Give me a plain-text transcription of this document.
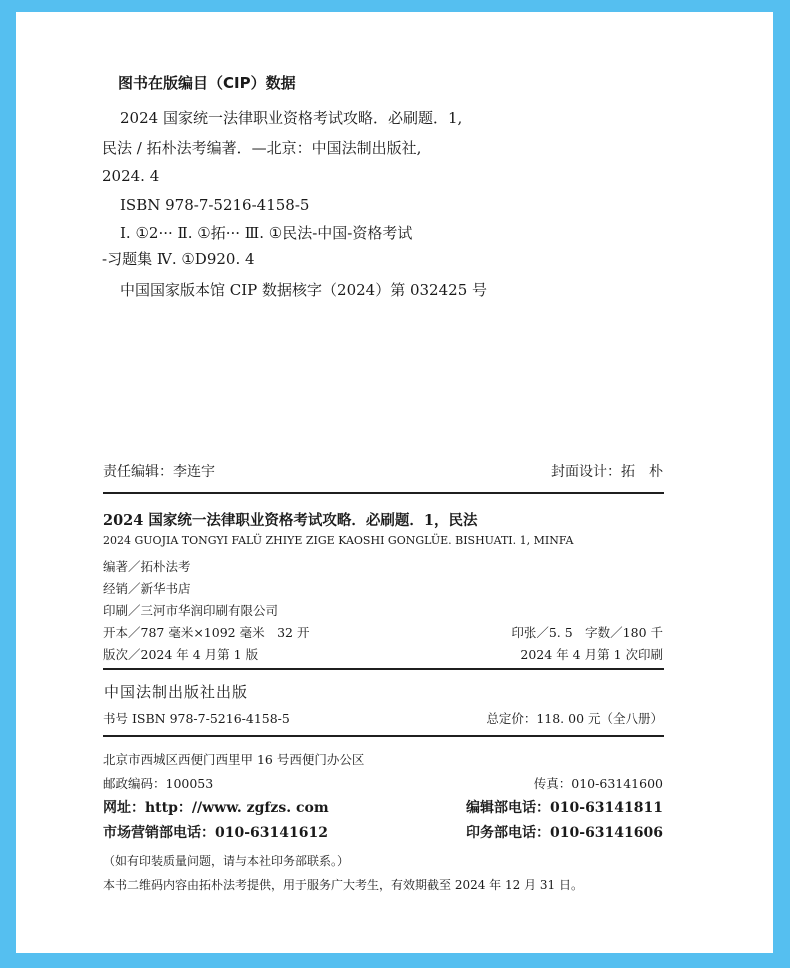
图书在版编目（CIP）数据
2024 国家统一法律职业资格考试攻略．必刷题．1,
民法 / 拓朴法考编著．—北京：中国法制出版社,
2024. 4
ISBN 978-7-5216-4158-5
Ⅰ. ①2··· Ⅱ. ①拓··· Ⅲ. ①民法-中国-资格考试
-习题集 Ⅳ. ①D920. 4
中国国家版本馆 CIP 数据核字（2024）第 032425 号
责任编辑：李连宇	封面设计：拓　朴
2024 国家统一法律职业资格考试攻略．必刷题．1，民法
2024 GUOJIA TONGYI FALÜ ZHIYE ZIGE KAOSHI GONGLÜE. BISHUATI. 1, MINFA
编著／拓朴法考
经销／新华书店
印刷／三河市华润印刷有限公司
开本／787 毫米×1092 毫米　32 开	印张／5. 5　字数／180 千
版次／2024 年 4 月第 1 版	2024 年 4 月第 1 次印刷
中国法制出版社出版
书号 ISBN 978-7-5216-4158-5	总定价：118. 00 元（全八册）
北京市西城区西便门西里甲 16 号西便门办公区
邮政编码：100053	传真：010-63141600
网址：http：//www. zgfzs. com	编辑部电话：010-63141811
市场营销部电话：010-63141612	印务部电话：010-63141606
（如有印装质量问题，请与本社印务部联系。）
本书二维码内容由拓朴法考提供，用于服务广大考生，有效期截至 2024 年 12 月 31 日。
